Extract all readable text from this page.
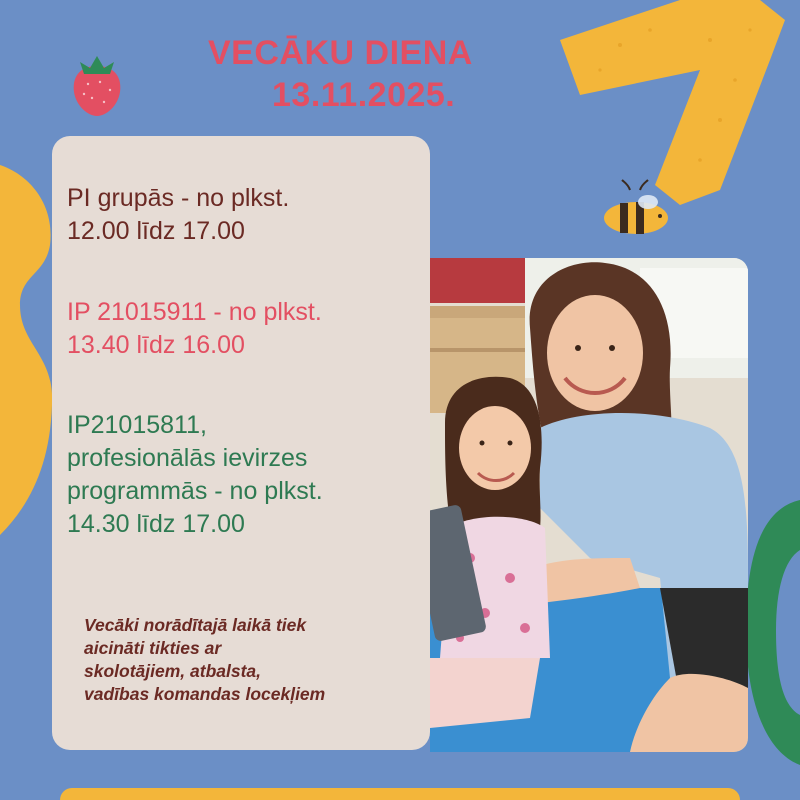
VECĀKU DIENA
13.11.2025.
PI grupās - no plkst.
12.00 līdz 17.00
IP 21015911 - no plkst.
13.40 līdz 16.00
IP21015811,
profesionālās ievirzes
programmās - no plkst.
14.30 līdz 17.00
Vecāki norādītajā laikā tiek
aicināti tikties ar
skolotājiem, atbalsta,
vadības komandas locekļiem
